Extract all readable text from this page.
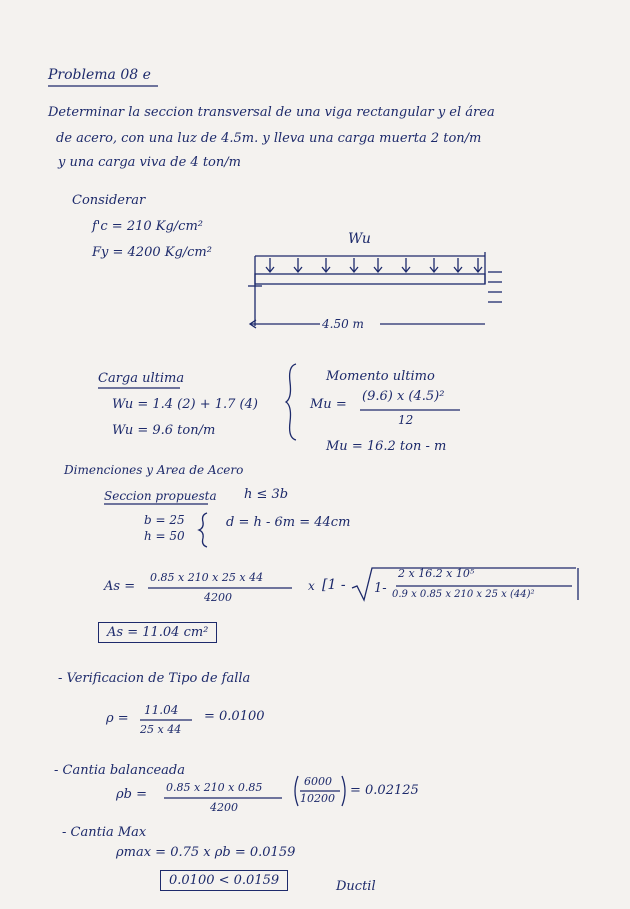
Problema 08 e
Determinar la seccion transversal de una viga rectangular y el área
de acero, con una luz de 4.5m. y lleva una carga muerta 2 ton/m
y una carga viva de 4 ton/m
Considerar
f'c = 210 Kg/cm²
Fy = 4200 Kg/cm²
Wu
4.50 m
Carga ultima
Wu = 1.4 (2) + 1.7 (4)
Wu = 9.6 ton/m
Momento ultimo
Mu =
(9.6) x (4.5)²
12
Mu = 16.2 ton - m
Dimenciones y Area de Acero
Seccion propuesta h ≤ 3b
b = 25
h = 50
d = h - 6m = 44cm
As =
0.85 x 210 x 25 x 44
4200
x [1 - 1-
2 x 16.2 x 10⁵
0.9 x 0.85 x 210 x 25 x (44)²
As = 11.04 cm²
- Verificacion de Tipo de falla
ρ =
11.04
25 x 44
= 0.0100
- Cantia balanceada
ρb = 0.85 x 210 x 0.85
4200
6000
10200
= 0.02125
- Cantia Max
ρmax = 0.75 x ρb = 0.0159
0.0100 < 0.0159	Ductil
